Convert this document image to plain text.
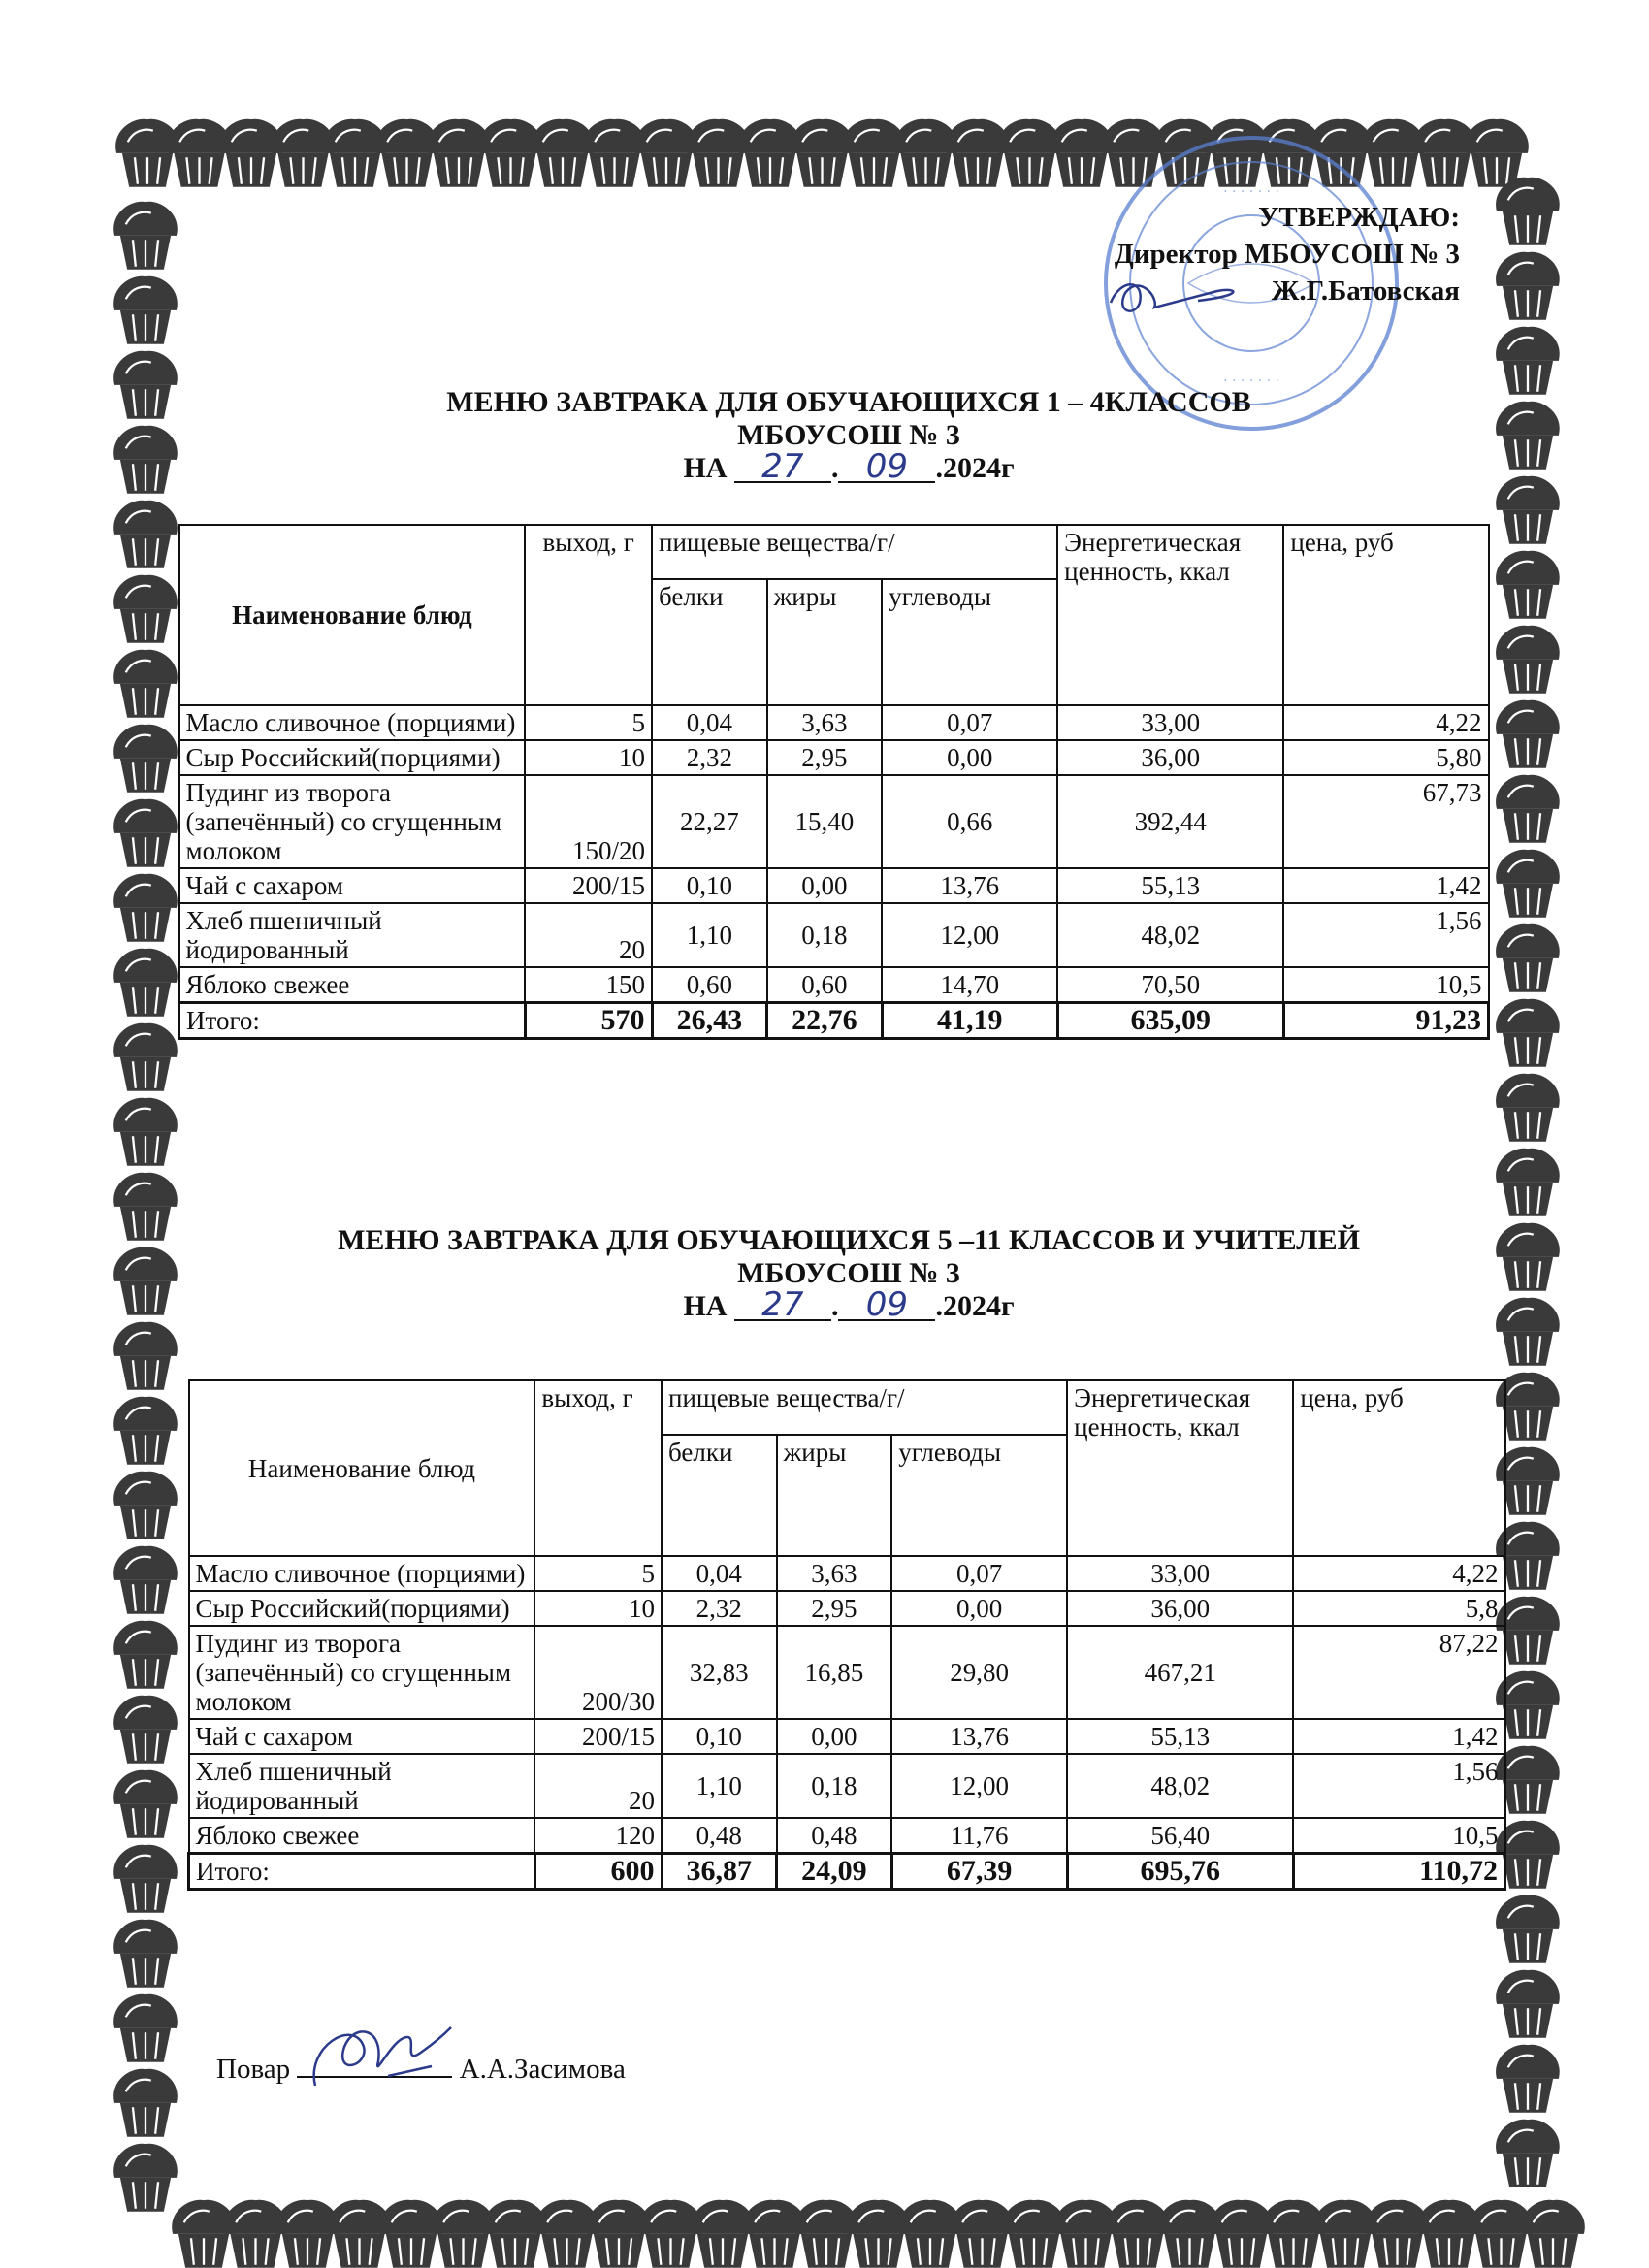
· · · · · · ·
· · · · · · ·
УТВЕРЖДАЮ:
Директор МБОУСОШ № 3
Ж.Г.Батовская
МЕНЮ ЗАВТРАКА ДЛЯ ОБУЧАЮЩИХСЯ 1 – 4КЛАССОВ
МБОУСОШ № 3
НА 27 . 09 .2024г
Наименование блюд	выход, г	пищевые вещества/г/			Энергетическая ценность, ккал	цена, руб
		белки	жиры	углеводы		
Масло сливочное (порциями)	5	0,04	3,63	0,07	33,00	4,22
Сыр Российский(порциями)	10	2,32	2,95	0,00	36,00	5,80
Пудинг из творога (запечённый) со сгущенным молоком	150/20	22,27	15,40	0,66	392,44	67,73
Чай с сахаром	200/15	0,10	0,00	13,76	55,13	1,42
Хлеб пшеничный йодированный	20	1,10	0,18	12,00	48,02	1,56
Яблоко свежее	150	0,60	0,60	14,70	70,50	10,5
Итого:	570	26,43	22,76	41,19	635,09	91,23
МЕНЮ ЗАВТРАКА ДЛЯ ОБУЧАЮЩИХСЯ 5 –11 КЛАССОВ И УЧИТЕЛЕЙ
МБОУСОШ № 3
НА 27 . 09 .2024г
Наименование блюд	выход, г	пищевые вещества/г/			Энергетическая ценность, ккал	цена, руб
		белки	жиры	углеводы		
Масло сливочное (порциями)	5	0,04	3,63	0,07	33,00	4,22
Сыр Российский(порциями)	10	2,32	2,95	0,00	36,00	5,8
Пудинг из творога (запечённый) со сгущенным молоком	200/30	32,83	16,85	29,80	467,21	87,22
Чай с сахаром	200/15	0,10	0,00	13,76	55,13	1,42
Хлеб пшеничный йодированный	20	1,10	0,18	12,00	48,02	1,56
Яблоко свежее	120	0,48	0,48	11,76	56,40	10,5
Итого:	600	36,87	24,09	67,39	695,76	110,72
Повар	А.А.Засимова
